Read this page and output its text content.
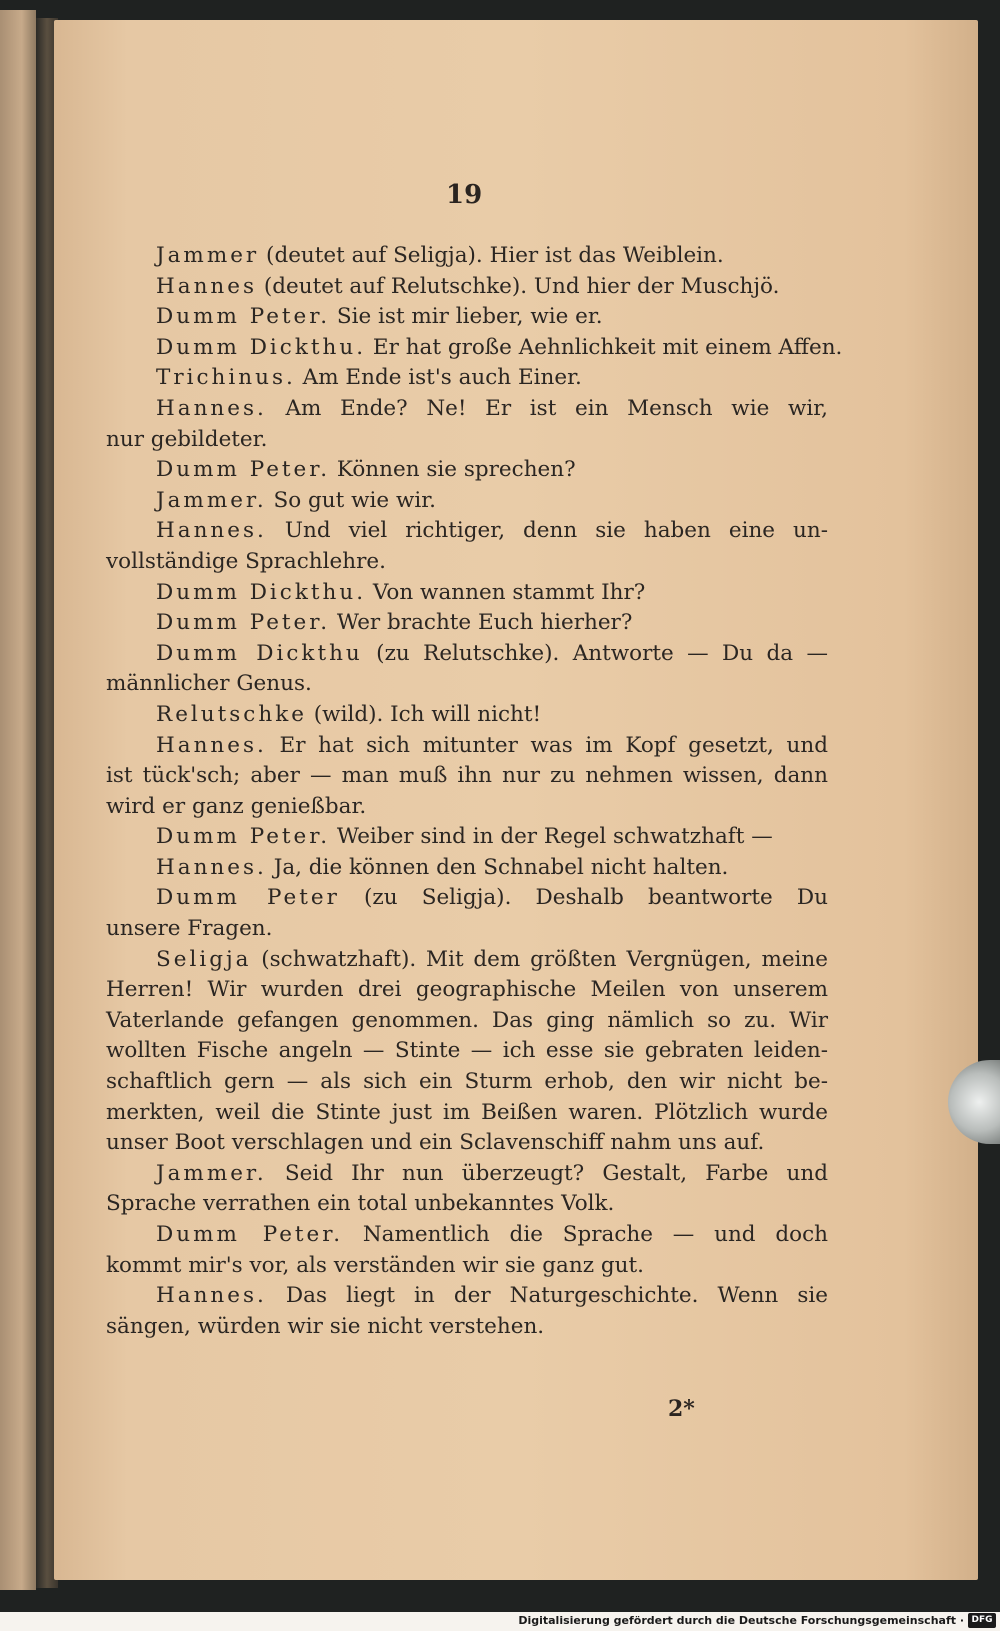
19
Jammer (deutet auf Seligja). Hier ist das Weiblein.
Hannes (deutet auf Relutschke). Und hier der Muschjö.
Dumm Peter. Sie ist mir lieber, wie er.
Dumm Dickthu. Er hat große Aehnlichkeit mit einem Affen.
Trichinus. Am Ende ist's auch Einer.
Hannes. Am Ende? Ne! Er ist ein Mensch wie wir,
nur gebildeter.
Dumm Peter. Können sie sprechen?
Jammer. So gut wie wir.
Hannes. Und viel richtiger, denn sie haben eine un-
vollständige Sprachlehre.
Dumm Dickthu. Von wannen stammt Ihr?
Dumm Peter. Wer brachte Euch hierher?
Dumm Dickthu (zu Relutschke). Antworte — Du da —
männlicher Genus.
Relutschke (wild). Ich will nicht!
Hannes. Er hat sich mitunter was im Kopf gesetzt, und
ist tück'sch; aber — man muß ihn nur zu nehmen wissen, dann
wird er ganz genießbar.
Dumm Peter. Weiber sind in der Regel schwatzhaft —
Hannes. Ja, die können den Schnabel nicht halten.
Dumm Peter (zu Seligja). Deshalb beantworte Du
unsere Fragen.
Seligja (schwatzhaft). Mit dem größten Vergnügen, meine
Herren! Wir wurden drei geographische Meilen von unserem
Vaterlande gefangen genommen. Das ging nämlich so zu. Wir
wollten Fische angeln — Stinte — ich esse sie gebraten leiden-
schaftlich gern — als sich ein Sturm erhob, den wir nicht be-
merkten, weil die Stinte just im Beißen waren. Plötzlich wurde
unser Boot verschlagen und ein Sclavenschiff nahm uns auf.
Jammer. Seid Ihr nun überzeugt? Gestalt, Farbe und
Sprache verrathen ein total unbekanntes Volk.
Dumm Peter. Namentlich die Sprache — und doch
kommt mir's vor, als verständen wir sie ganz gut.
Hannes. Das liegt in der Naturgeschichte. Wenn sie
sängen, würden wir sie nicht verstehen.
2*
Digitalisierung gefördert durch die Deutsche Forschungsgemeinschaft · DFG
